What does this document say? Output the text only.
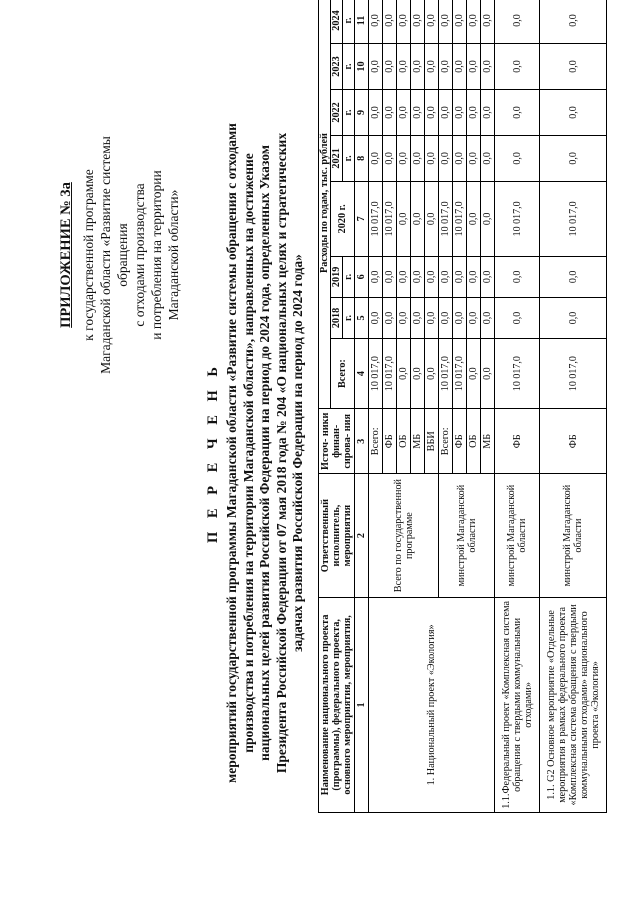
ПРИЛОЖЕНИЕ № 3а к государственной программе Магаданской области «Развитие системы обращения с отходами производства и потребления на территории Магаданской области»
П Е Р Е Ч Е Н Ь мероприятий государственной программы Магаданской области «Развитие системы обращения с отходами производства и потребления на территории Магаданской области», направленных на достижение национальных целей развития Российской Федерации на период до 2024 года, определенных Указом Президента Российской Федерации от 07 мая 2018 года № 204 «О национальных целях и стратегических задачах развития Российской Федерации на период до 2024 года»
Наименование национального проекта (программы), федерального проекта, основного мероприятия, мероприятия,	Ответственный исполнитель, мероприятия	Источ- ники финан- сирова- ния	Расходы по годам, тыс. рублей							
			Всего:	2018	2019	2020 г.	2021	2022	2023	2024
				г.	г.		г.	г.	г.	г.
1	2	3	4	5	6	7	8	9	10	11
1. Национальный проект «Экология»	Всего по государственной программе	Всего:	10 017,0	0,0	0,0	10 017,0	0,0	0,0	0,0	0,0
		ФБ	10 017,0	0,0	0,0	10 017,0	0,0	0,0	0,0	0,0
		ОБ	0,0	0,0	0,0	0,0	0,0	0,0	0,0	0,0
		МБ	0,0	0,0	0,0	0,0	0,0	0,0	0,0	0,0
		ВБИ	0,0	0,0	0,0	0,0	0,0	0,0	0,0	0,0
	минстрой Магаданской области	Всего:	10 017,0	0,0	0,0	10 017,0	0,0	0,0	0,0	0,0
		ФБ	10 017,0	0,0	0,0	10 017,0	0,0	0,0	0,0	0,0
		ОБ	0,0	0,0	0,0	0,0	0,0	0,0	0,0	0,0
		МБ	0,0	0,0	0,0	0,0	0,0	0,0	0,0	0,0
1.1.Федеральный проект «Комплексная система обращения с твердыми коммунальными отходами»	минстрой Магаданской области	ФБ	10 017,0	0,0	0,0	10 017,0	0,0	0,0	0,0	0,0
1.1. G2 Основное мероприятие «Отдельные мероприятия в рамках федерального проекта «Комплексная система обращения с твердыми коммунальными отходами» национального проекта «Экология»	минстрой Магаданской области	ФБ	10 017,0	0,0	0,0	10 017,0	0,0	0,0	0,0	0,0
